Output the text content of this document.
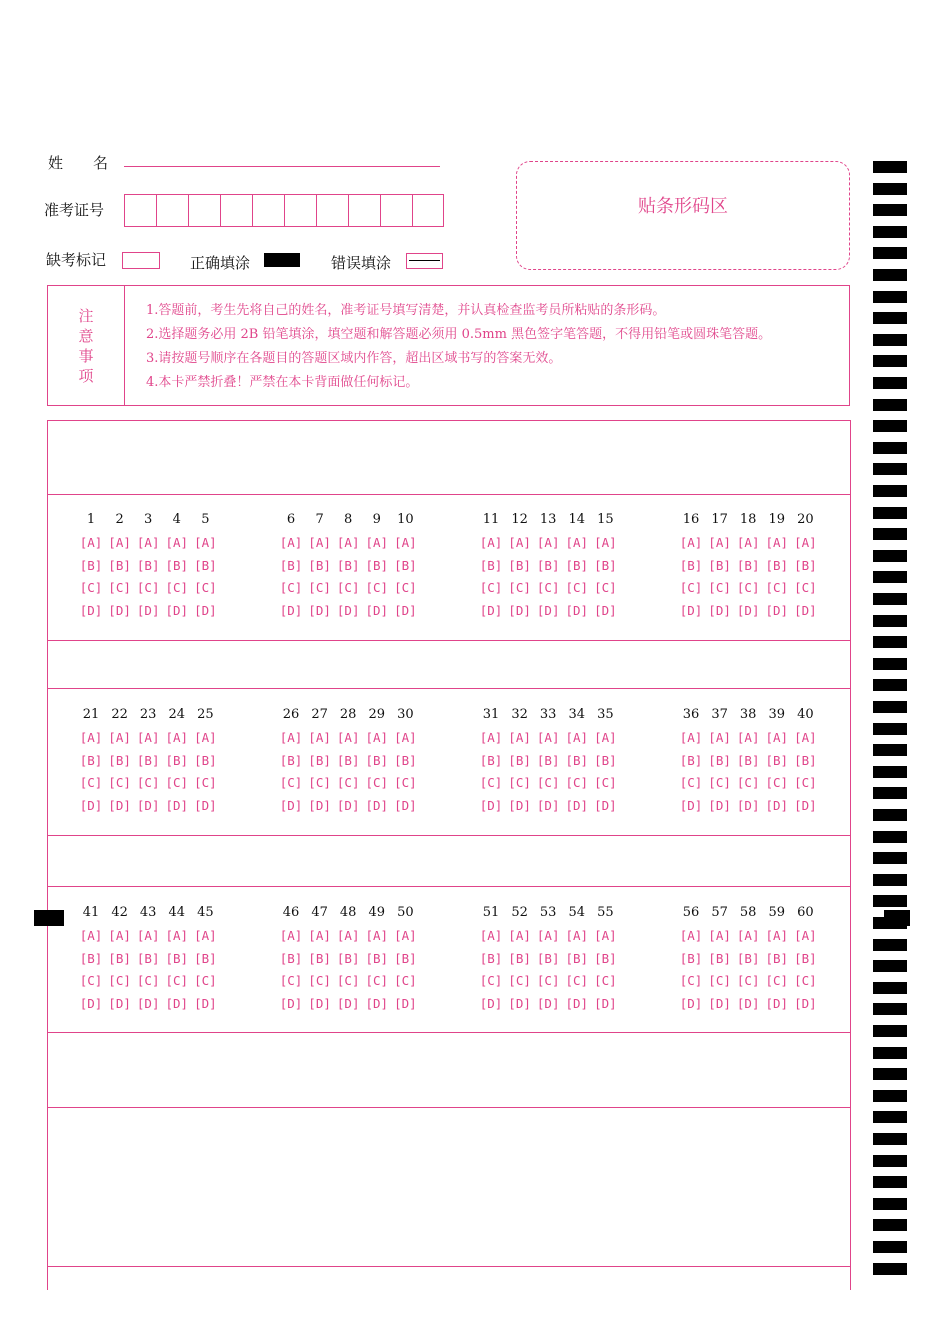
姓　　名
准考证号
缺考标记	正确填涂	错误填涂
贴条形码区
注
意
事
项
1.答题前，考生先将自己的姓名，准考证号填写清楚，并认真检查监考员所粘贴的条形码。
2.选择题务必用 2B 铅笔填涂，填空题和解答题必须用 0.5mm 黑色签字笔答题，不得用铅笔或圆珠笔答题。
3.请按题号顺序在各题目的答题区域内作答，超出区域书写的答案无效。
4.本卡严禁折叠！严禁在本卡背面做任何标记。
1
[A]
[B]
[C]
[D]
2
[A]
[B]
[C]
[D]
3
[A]
[B]
[C]
[D]
4
[A]
[B]
[C]
[D]
5
[A]
[B]
[C]
[D]
6
[A]
[B]
[C]
[D]
7
[A]
[B]
[C]
[D]
8
[A]
[B]
[C]
[D]
9
[A]
[B]
[C]
[D]
10
[A]
[B]
[C]
[D]
11
[A]
[B]
[C]
[D]
12
[A]
[B]
[C]
[D]
13
[A]
[B]
[C]
[D]
14
[A]
[B]
[C]
[D]
15
[A]
[B]
[C]
[D]
16
[A]
[B]
[C]
[D]
17
[A]
[B]
[C]
[D]
18
[A]
[B]
[C]
[D]
19
[A]
[B]
[C]
[D]
20
[A]
[B]
[C]
[D]
21
[A]
[B]
[C]
[D]
22
[A]
[B]
[C]
[D]
23
[A]
[B]
[C]
[D]
24
[A]
[B]
[C]
[D]
25
[A]
[B]
[C]
[D]
26
[A]
[B]
[C]
[D]
27
[A]
[B]
[C]
[D]
28
[A]
[B]
[C]
[D]
29
[A]
[B]
[C]
[D]
30
[A]
[B]
[C]
[D]
31
[A]
[B]
[C]
[D]
32
[A]
[B]
[C]
[D]
33
[A]
[B]
[C]
[D]
34
[A]
[B]
[C]
[D]
35
[A]
[B]
[C]
[D]
36
[A]
[B]
[C]
[D]
37
[A]
[B]
[C]
[D]
38
[A]
[B]
[C]
[D]
39
[A]
[B]
[C]
[D]
40
[A]
[B]
[C]
[D]
41
[A]
[B]
[C]
[D]
42
[A]
[B]
[C]
[D]
43
[A]
[B]
[C]
[D]
44
[A]
[B]
[C]
[D]
45
[A]
[B]
[C]
[D]
46
[A]
[B]
[C]
[D]
47
[A]
[B]
[C]
[D]
48
[A]
[B]
[C]
[D]
49
[A]
[B]
[C]
[D]
50
[A]
[B]
[C]
[D]
51
[A]
[B]
[C]
[D]
52
[A]
[B]
[C]
[D]
53
[A]
[B]
[C]
[D]
54
[A]
[B]
[C]
[D]
55
[A]
[B]
[C]
[D]
56
[A]
[B]
[C]
[D]
57
[A]
[B]
[C]
[D]
58
[A]
[B]
[C]
[D]
59
[A]
[B]
[C]
[D]
60
[A]
[B]
[C]
[D]
